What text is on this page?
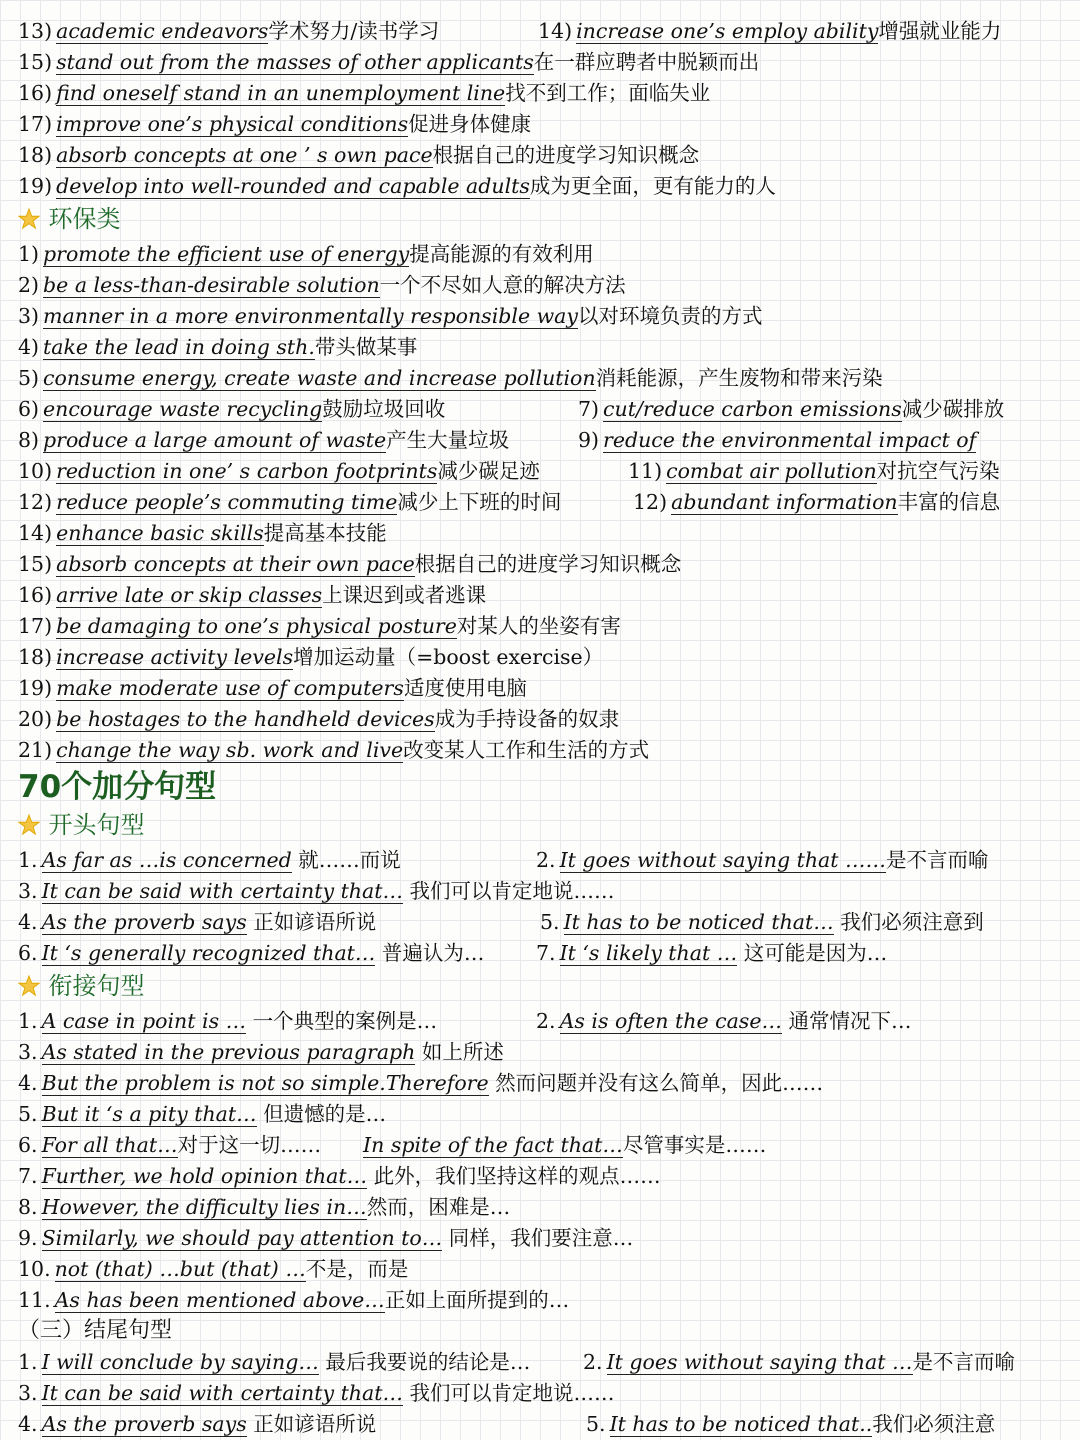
13) academic endeavors学术努力/读书学习	14) increase one’s employ ability增强就业能力
15) stand out from the masses of other applicants在一群应聘者中脱颖而出
16) find oneself stand in an unemployment line找不到工作；面临失业
17) improve one’s physical conditions促进身体健康
18) absorb concepts at one ’ s own pace根据自己的进度学习知识概念
19) develop into well-rounded and capable adults成为更全面，更有能力的人
环保类
1) promote the efficient use of energy提高能源的有效利用
2) be a less-than-desirable solution一个不尽如人意的解决方法
3) manner in a more environmentally responsible way以对环境负责的方式
4) take the lead in doing sth.带头做某事
5) consume energy, create waste and increase pollution消耗能源，产生废物和带来污染
6) encourage waste recycling鼓励垃圾回收	7) cut/reduce carbon emissions减少碳排放
8) produce a large amount of waste产生大量垃圾	9) reduce the environmental impact of
10) reduction in one’ s carbon footprints减少碳足迹	11) combat air pollution对抗空气污染
12) reduce people’s commuting time减少上下班的时间	12) abundant information丰富的信息
14) enhance basic skills提高基本技能
15) absorb concepts at their own pace根据自己的进度学习知识概念
16) arrive late or skip classes上课迟到或者逃课
17) be damaging to one’s physical posture对某人的坐姿有害
18) increase activity levels增加运动量（=boost exercise）
19) make moderate use of computers适度使用电脑
20) be hostages to the handheld devices成为手持设备的奴隶
21) change the way sb. work and live改变某人工作和生活的方式
70个加分句型
开头句型
1. As far as …is concerned 就……而说	2. It goes without saying that ……是不言而喻
3. It can be said with certainty that… 我们可以肯定地说……
4. As the proverb says 正如谚语所说	5. It has to be noticed that… 我们必须注意到
6. It ‘s generally recognized that… 普遍认为…	7. It ‘s likely that … 这可能是因为…
衔接句型
1. A case in point is … 一个典型的案例是…	2. As is often the case… 通常情况下…
3. As stated in the previous paragraph 如上所述
4. But the problem is not so simple.Therefore 然而问题并没有这么简单，因此……
5. But it ‘s a pity that… 但遗憾的是…
6. For all that…对于这一切…… In spite of the fact that…尽管事实是……
7. Further, we hold opinion that… 此外，我们坚持这样的观点……
8. However, the difficulty lies in…然而，困难是…
9. Similarly, we should pay attention to… 同样，我们要注意…
10. not (that) …but (that) …不是，而是
11. As has been mentioned above…正如上面所提到的…
（三）结尾句型
1. I will conclude by saying… 最后我要说的结论是…	2. It goes without saying that …是不言而喻
3. It can be said with certainty that… 我们可以肯定地说……
4. As the proverb says 正如谚语所说	5. It has to be noticed that..我们必须注意
